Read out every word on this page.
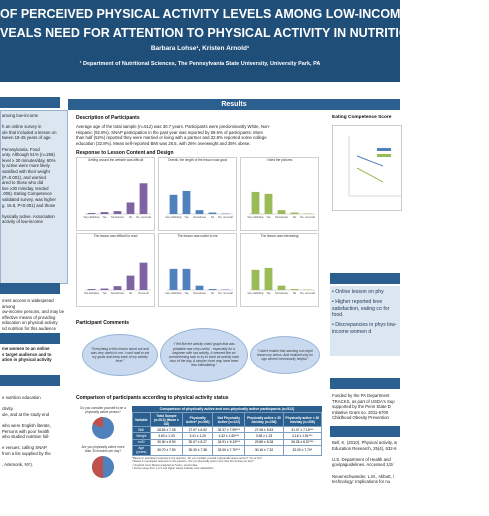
OF PERCEIVED PHYSICAL ACTIVITY LEVELS AMONG LOW-INCOME WOMEN IN P
VEALS NEED FOR ATTENTION TO PHYSICAL ACTIVITY IN NUTRITION EDUCATIO
Barbara Lohse¹, Kristen Arnold¹
¹ Department of Nutritional Sciences, The Pennsylvania State University, University Park, PA
among low-income

h an online survey in
ule that included a lesson on
tween 18-45 years of age.

Pennsylvania. Food
unty. Although 51% (n=256)
level ≥ 30 minutes/day, 60%
ly active were more likely
satisfied with their weight
(P=0.001), and worried
ared to those who did
tive ≥30 min/day, tended
.005). Eating Competence
validated survey, was higher
g. 16.8, P<0.001) and those

hysically active. Association
activity of low-income
ment access is widespread among
ow-income persons, and may be
effective means of providing
education on physical activity
nd nutrition for this audience
me women to an online
s target audience and to
ation in physical activity
e nutrition education

ctivity.
ule, and at the study end

who were English literate,
Persons with poor health
who studied nutrition full-

e venues; calling SNAP
from a list supplied by the

, Ankmonk, NY).
Results
Description of Participants
Average age of the total sample (n=512) was 30.7 years. Participants were predominantly White, Non-
Hispanic (92.8%). SNAP participation in the past year was reported by 59.6% of participants. More
than half (52%) reported they were married or living with a partner and 32.8% reported some college
education (32.8%). Mean self-reported BMI was 28.5, with 26% overweight and 35% obese.
Response to Lesson Content and Design
Getting around the website was difficult
Very definitely Yes Sometimes No No, not at all
Overall, the length of the lesson was good
Very definitely Yes Sometimes No No, not at all
I liked the pictures
Very definitely Yes Sometimes No No, not at all
The lesson was difficult to read
Not definitely Yes Sometimes No Not at all
The lesson was useful to me
Very definitely Yes Sometimes No No, not at all
The lesson was interesting
Very definitely Yes Sometimes No No, not at all
Participant Comments
"Everything in this lesson stood out and was very useful to me. I can't wait to set my goals and keep track of my activity level."
"I felt like the activity chart/ graph that was printable was very useful... especially for a beginner with low activity. It seemed like an overwhelming task to try to track all activity each hour of the day. A simpler chart may have been less intimidating."
"I didn't realize that washing out might lessen my stress. And realized why on ugo weren't necessarily helpful."
Comparison of participants according to physical activity status
Do you consider yourself to be a physically active person?
Are you physically active more than 30 minutes per day?
Comparison of physically active and non-physically active participants (n=512)
Variable	Total Sample (n=512) (Mean ± SD)	Physically Active* (n=390)	Not Physically Active (n=122)	Physically active ≥ 30 min/day (n=256)	Physically active < 30 min/day (n=256)
BMI	28.53 ± 7.35	27.97 ± 6.52	32.37 ± 7.99***	27.08 ± 5.53	31.07 ± 7.15***
Weight	3.63 ± 1.33	3.41 ± 1.20	4.32 ± 1.50***	3.38 ± 1.23	4.15 ± 1.51***
ecSI	30.50 ± 8.90	30.07 ± 8.27	24.91 ± 9.13***	29.88 ± 8.28	26.28 ± 8.57***
Age (years)	30.70 ± 7.50	30.30 ± 7.38	32.00 ± 7.70***	30.16 ± 7.32	32.00 ± 7.70*
*Based on participant response to the question, 'Do you consider yourself a physically active person?' Yes or No?
ª Based on participant response to the question, 'Are you physically active more than 30 minutes per day?'
¹ Unpaired t-test; Means analyzed as 5-item, scored data
² Scores range from 1 to 5 and higher values indicate more satisfaction
Eating Competence Score
• Online lesson on phy
• Higher reported leve satisfaction, eating co for food.
• Discrepancies in phys low-income women d
Funded by the PA Department
TRACKS, as part of USDA's Sup
supported by the Penn State D
Initiative Grant no. 2011-6700
Childhood Obesity Prevention
Bell, K. (2010). Physical activity, w
Education Research, 25(4), 632-6

U.S. Department of Health and
gov/paguidelines. Accessed 1/2/

Neuenschwander, L.M., Abbott, /
technology: Implications for nu
